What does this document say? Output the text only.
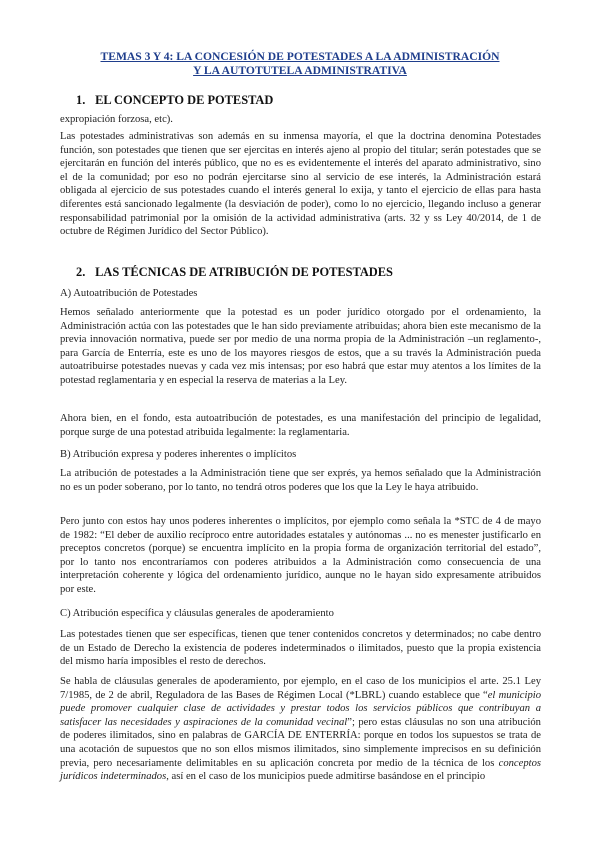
TEMAS 3 Y 4: LA CONCESIÓN DE POTESTADES A LA ADMINISTRACIÓN
Y LA AUTOTUTELA ADMINISTRATIVA
1. EL CONCEPTO DE POTESTAD

expropiación forzosa, etc).

Las potestades administrativas son además en su inmensa mayoría, el que la doctrina denomina Potestades función, son potestades que tienen que ser ejercitas en interés ajeno al propio del titular; serán potestades que se ejercitarán en función del interés público, que no es es evidentemente el interés del aparato administrativo, sino el de la comunidad; por eso no podrán ejercitarse sino al servicio de ese interés, la Administración estará obligada al ejercicio de sus potestades cuando el interés general lo exija, y tanto el ejercicio de ellas para hasta diferentes está sancionado legalmente (la desviación de poder), como lo no ejercicio, llegando incluso a generar responsabilidad patrimonial por la omisión de la actividad administrativa (arts. 32 y ss Ley 40/2014, de 1 de octubre de Régimen Jurídico del Sector Público).

2. LAS TÉCNICAS DE ATRIBUCIÓN DE POTESTADES

A) Autoatribución de Potestades

Hemos señalado anteriormente que la potestad es un poder jurídico otorgado por el ordenamiento, la Administración actúa con las potestades que le han sido previamente atribuidas; ahora bien este mecanismo de la previa innovación normativa, puede ser por medio de una norma propia de la Administración –un reglamento-, para García de Enterría, este es uno de los mayores riesgos de estos, que a su través la Administración pueda autoatribuirse potestades nuevas y cada vez mis intensas; por eso habrá que estar muy atentos a los límites de la potestad reglamentaria y en especial la reserva de materias a la Ley.

Ahora bien, en el fondo, esta autoatribución de potestades, es una manifestación del principio de legalidad, porque surge de una potestad atribuida legalmente: la reglamentaria.

B) Atribución expresa y poderes inherentes o implícitos

La atribución de potestades a la Administración tiene que ser exprés, ya hemos señalado que la Administración no es un poder soberano, por lo tanto, no tendrá otros poderes que los que la Ley le haya atribuido.

Pero junto con estos hay unos poderes inherentes o implícitos, por ejemplo como señala la *STC de 4 de mayo de 1982: “El deber de auxilio recíproco entre autoridades estatales y autónomas ... no es menester justificarlo en preceptos concretos (porque) se encuentra implícito en la propia forma de organización territorial del estado”, por lo tanto nos encontraríamos con poderes atribuidos a la Administración como consecuencia de una interpretación coherente y lógica del ordenamiento jurídico, aunque no le hayan sido expresamente atribuidos por este.

C) Atribución específica y cláusulas generales de apoderamiento

Las potestades tienen que ser específicas, tienen que tener contenidos concretos y determinados; no cabe dentro de un Estado de Derecho la existencia de poderes indeterminados o ilimitados, puesto que la propia existencia del mismo haría imposibles el resto de derechos.

Se habla de cláusulas generales de apoderamiento, por ejemplo, en el caso de los municipios el arte. 25.1 Ley 7/1985, de 2 de abril, Reguladora de las Bases de Régimen Local (*LBRL) cuando establece que “el municipio puede promover cualquier clase de actividades y prestar todos los servicios públicos que contribuyan a satisfacer las necesidades y aspiraciones de la comunidad vecinal”; pero estas cláusulas no son una atribución de poderes ilimitados, sino en palabras de GARCÍA DE ENTERRÍA: porque en todos los supuestos se trata de una acotación de supuestos que no son ellos mismos ilimitados, sino simplemente imprecisos en su definición previa, pero necesariamente delimitables en su aplicación concreta por medio de la técnica de los conceptos jurídicos indeterminados, así en el caso de los municipios puede admitirse basándose en el principio
